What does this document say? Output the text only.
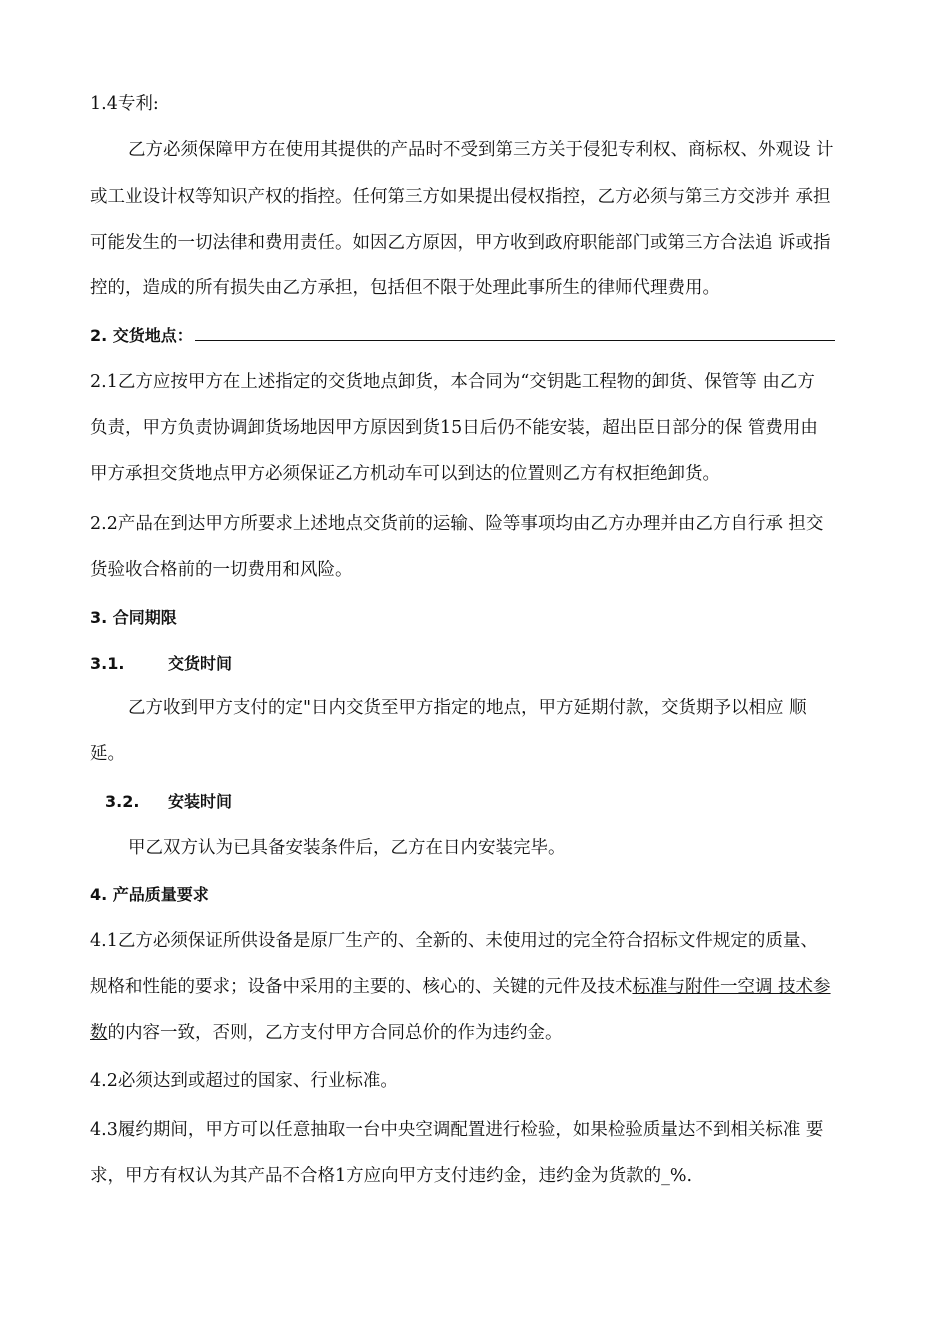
1.4专利:
乙方必须保障甲方在使用其提供的产品时不受到第三方关于侵犯专利权、商标权、外观设 计
或工业设计权等知识产权的指控。任何第三方如果提出侵权指控，乙方必须与第三方交涉并 承担
可能发生的一切法律和费用责任。如因乙方原因，甲方收到政府职能部门或第三方合法追 诉或指
控的，造成的所有损失由乙方承担，包括但不限于处理此事所生的律师代理费用。
2. 交货地点：
2.1乙方应按甲方在上述指定的交货地点卸货，本合同为“交钥匙工程物的卸货、保管等 由乙方
负责，甲方负责协调卸货场地因甲方原因到货15日后仍不能安装，超出臣日部分的保 管费用由
甲方承担交货地点甲方必须保证乙方机动车可以到达的位置则乙方有权拒绝卸货。
2.2产品在到达甲方所要求上述地点交货前的运输、险等事项均由乙方办理并由乙方自行承 担交
货验收合格前的一切费用和风险。
3. 合同期限
3.1.	交货时间
乙方收到甲方支付的定"日内交货至甲方指定的地点，甲方延期付款，交货期予以相应 顺
延。
3.2. 安装时间
甲乙双方认为已具备安装条件后，乙方在日内安装完毕。
4. 产品质量要求
4.1乙方必须保证所供设备是原厂生产的、全新的、未使用过的完全符合招标文件规定的质量、
规格和性能的要求；设备中采用的主要的、核心的、关键的元件及技术标准与附件一空调 技术参
数的内容一致，否则，乙方支付甲方合同总价的作为违约金。
4.2必须达到或超过的国家、行业标准。
4.3履约期间，甲方可以任意抽取一台中央空调配置进行检验，如果检验质量达不到相关标准 要
求，甲方有权认为其产品不合格1方应向甲方支付违约金，违约金为货款的_%.
